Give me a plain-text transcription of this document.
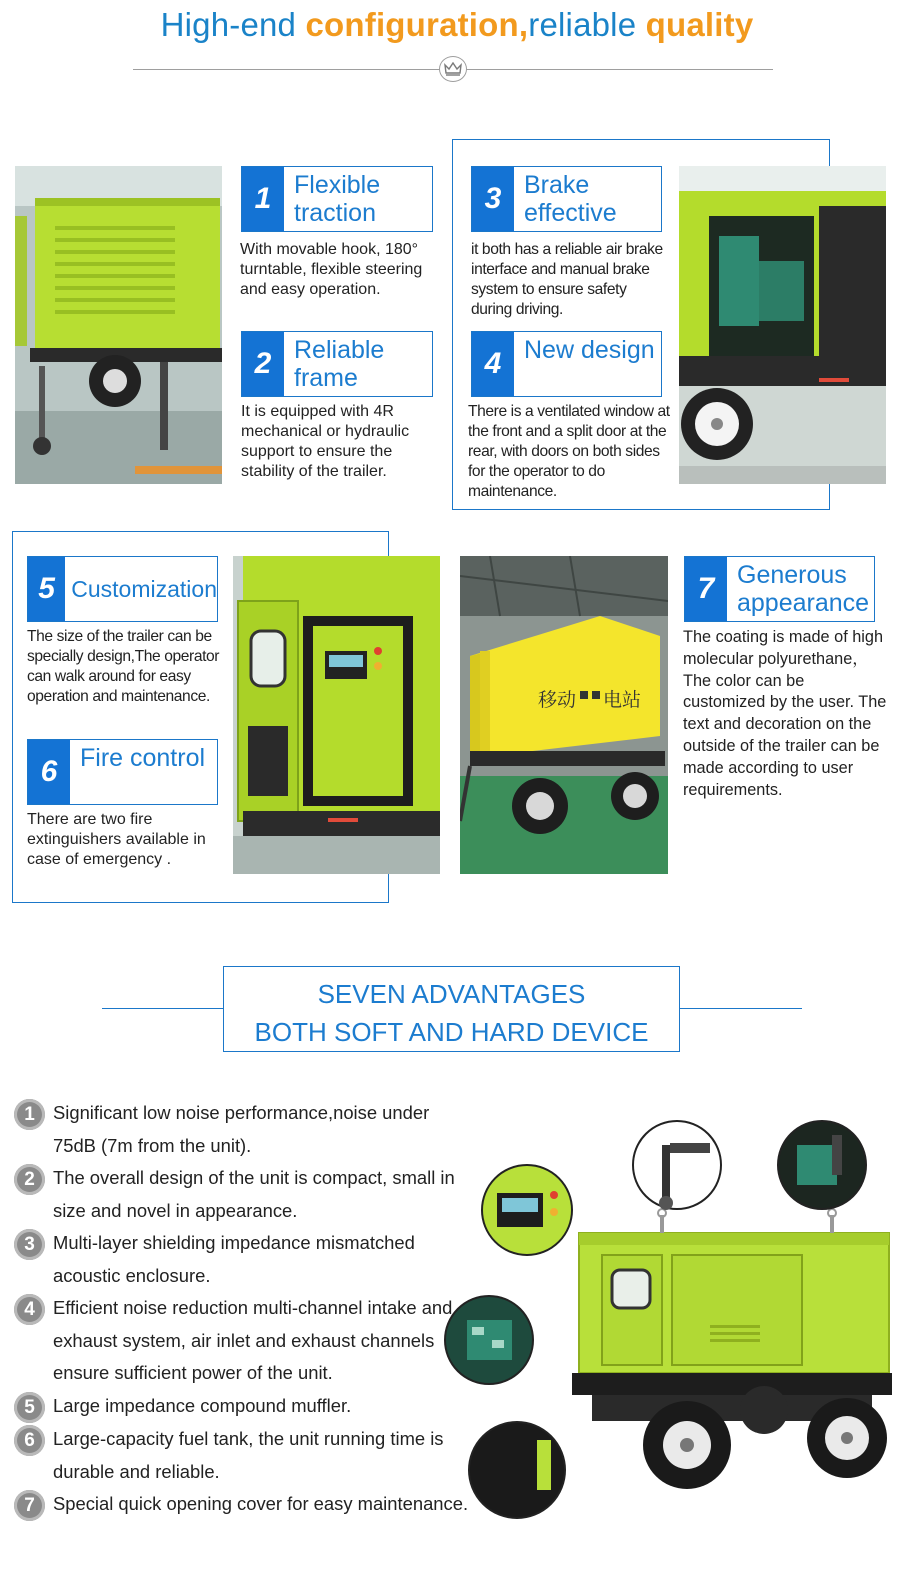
High-end configuration,reliable quality
1 Flexible traction
With movable hook, 180° turntable, flexible steering and easy operation.
2 Reliable frame
It is equipped with 4R mechanical or hydraulic support to ensure the stability of the trailer.
3 Brake effective
it both has a reliable air brake interface and manual brake system to ensure safety during driving.
4 New design
There is a ventilated window at the front and a split door at the rear, with doors on both sides for the operator to do maintenance.
5 Customization
The size of the trailer can be specially design,The operator can walk around for easy operation and maintenance.
6 Fire control
There are two fire extinguishers available in case of emergency .
移动 电站
7 Generous appearance
The coating is made of high molecular polyurethane，The color can be customized by the user. The text and decoration on the outside of the trailer can be made according to user requirements.
SEVEN ADVANTAGES
BOTH SOFT AND HARD DEVICE
1 Significant low noise performance,noise under 75dB (7m from the unit).
2 The overall design of the unit is compact, small in size and novel in appearance.
3 Multi-layer shielding impedance mismatched acoustic enclosure.
4 Efficient noise reduction multi-channel intake and exhaust system, air inlet and exhaust channels ensure sufficient power of the unit.
5 Large impedance compound muffler.
6 Large-capacity fuel tank, the unit running time is durable and reliable.
7 Special quick opening cover for easy maintenance.
